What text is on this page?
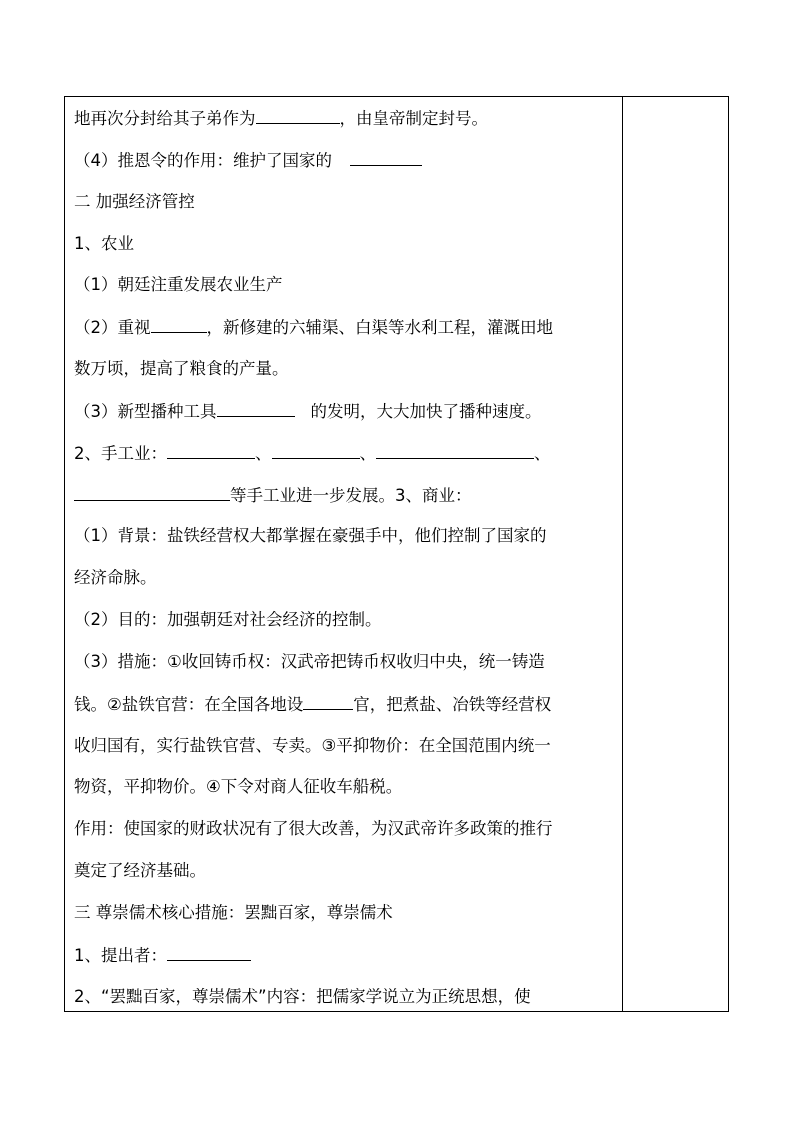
地再次分封给其子弟作为	，由皇帝制定封号。
（4）推恩令的作用：维护了国家的
二 加强经济管控
1、农业
（1）朝廷注重发展农业生产
（2）重视	，新修建的六辅渠、白渠等水利工程，灌溉田地
数万顷，提高了粮食的产量。
（3）新型播种工具	的发明，大大加快了播种速度。
2、手工业：	、	、	、
等手工业进一步发展。3、商业：
（1）背景：盐铁经营权大都掌握在豪强手中，他们控制了国家的
经济命脉。
（2）目的：加强朝廷对社会经济的控制。
（3）措施：①收回铸币权：汉武帝把铸币权收归中央，统一铸造
钱。②盐铁官营：在全国各地设	官，把煮盐、冶铁等经营权
收归国有，实行盐铁官营、专卖。③平抑物价：在全国范围内统一
物资，平抑物价。④下令对商人征收车船税。
作用：使国家的财政状况有了很大改善，为汉武帝许多政策的推行
奠定了经济基础。
三 尊崇儒术核心措施：罢黜百家，尊崇儒术
1、提出者：
2、“罢黜百家，尊崇儒术”内容：把儒家学说立为正统思想，使
